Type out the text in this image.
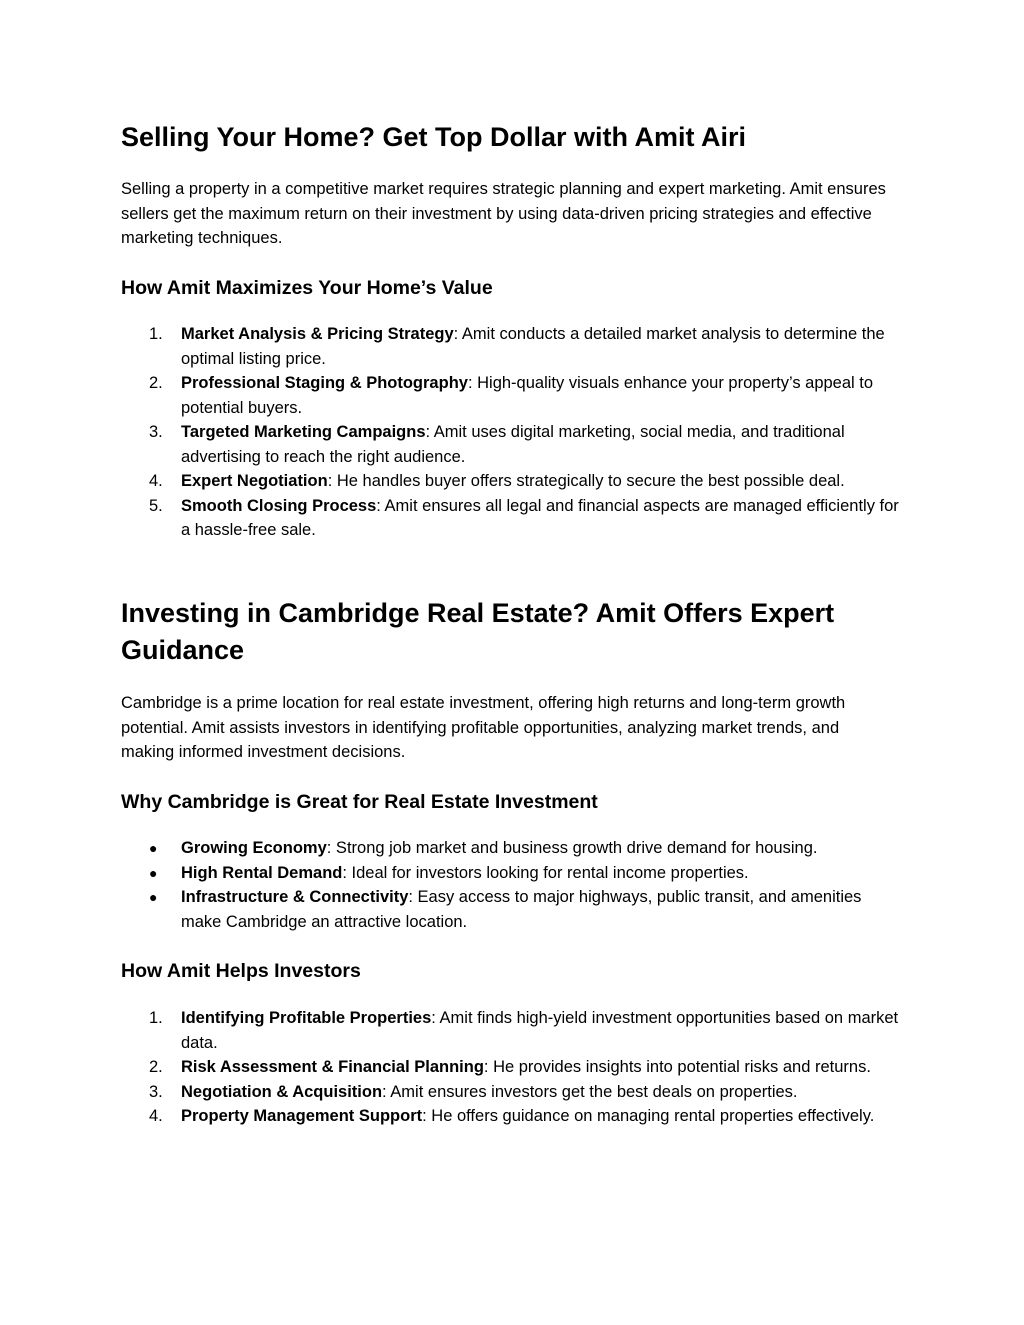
Selling Your Home? Get Top Dollar with Amit Airi

Selling a property in a competitive market requires strategic planning and expert marketing. Amit ensures sellers get the maximum return on their investment by using data-driven pricing strategies and effective marketing techniques.

How Amit Maximizes Your Home’s Value
1.	Market Analysis & Pricing Strategy: Amit conducts a detailed market analysis to determine the optimal listing price.
2.	Professional Staging & Photography: High-quality visuals enhance your property’s appeal to potential buyers.
3.	Targeted Marketing Campaigns: Amit uses digital marketing, social media, and traditional advertising to reach the right audience.
4.	Expert Negotiation: He handles buyer offers strategically to secure the best possible deal.
5.	Smooth Closing Process: Amit ensures all legal and financial aspects are managed efficiently for a hassle-free sale.
Investing in Cambridge Real Estate? Amit Offers Expert Guidance

Cambridge is a prime location for real estate investment, offering high returns and long-term growth potential. Amit assists investors in identifying profitable opportunities, analyzing market trends, and making informed investment decisions.

Why Cambridge is Great for Real Estate Investment
● Growing Economy: Strong job market and business growth drive demand for housing.
● High Rental Demand: Ideal for investors looking for rental income properties.
● Infrastructure & Connectivity: Easy access to major highways, public transit, and amenities make Cambridge an attractive location.
How Amit Helps Investors
1.	Identifying Profitable Properties: Amit finds high-yield investment opportunities based on market data.
2.	Risk Assessment & Financial Planning: He provides insights into potential risks and returns.
3.	Negotiation & Acquisition: Amit ensures investors get the best deals on properties.
4.	Property Management Support: He offers guidance on managing rental properties effectively.
